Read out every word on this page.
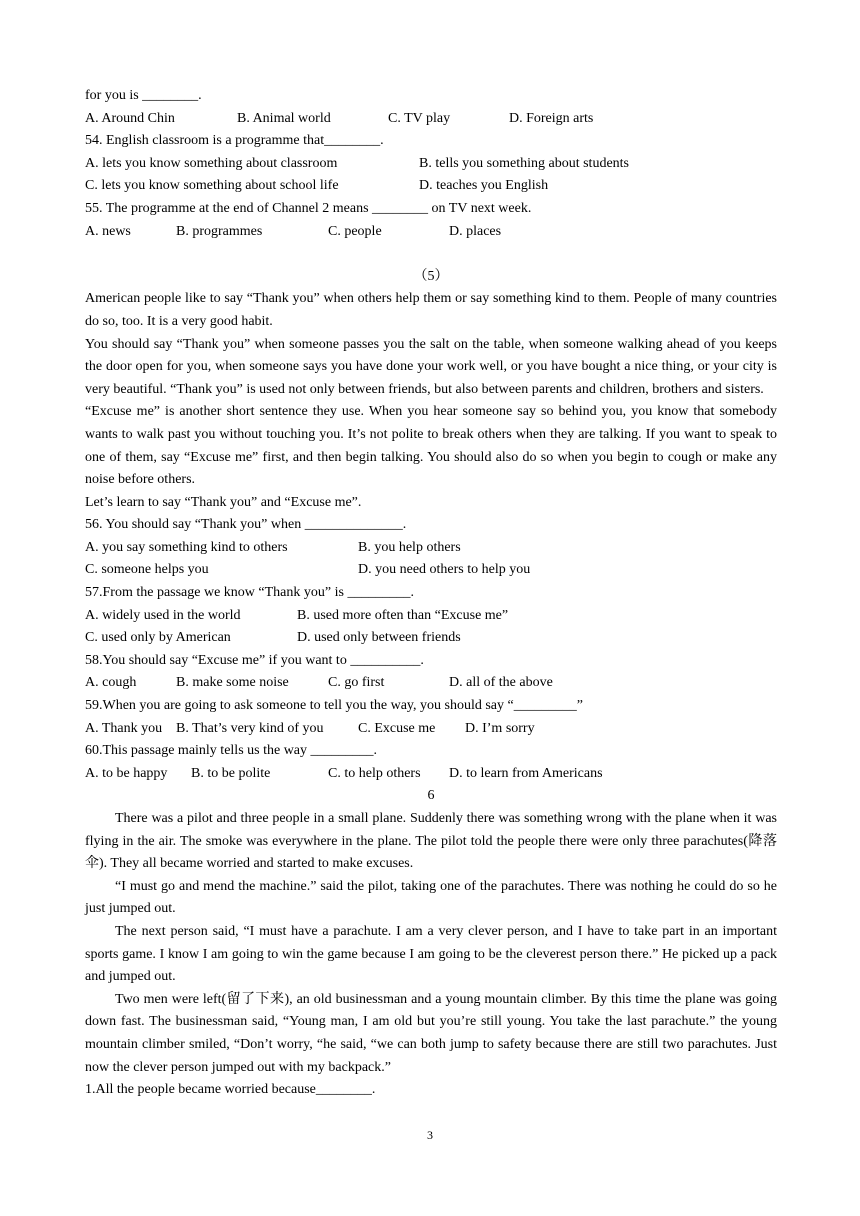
for you is ________.
A. Around Chin	B. Animal world	C. TV play	D. Foreign arts
54. English classroom is a programme that________.
A. lets you know something about classroom	B. tells you something about students
C. lets you know something about school life	D. teaches you English
55. The programme at the end of Channel 2 means ________ on TV next week.
A. news	B. programmes	C. people	D. places
（5）

American people like to say “Thank you” when others help them or say something kind to them. People of many countries do so, too. It is a very good habit.

You should say “Thank you” when someone passes you the salt on the table, when someone walking ahead of you keeps the door open for you, when someone says you have done your work well, or you have bought a nice thing, or your city is very beautiful. “Thank you” is used not only between friends, but also between parents and children, brothers and sisters.

“Excuse me” is another short sentence they use. When you hear someone say so behind you, you know that somebody wants to walk past you without touching you. It’s not polite to break others when they are talking. If you want to speak to one of them, say “Excuse me” first, and then begin talking. You should also do so when you begin to cough or make any noise before others.

Let’s learn to say “Thank you” and “Excuse me”.

56. You should say “Thank you” when ______________.
A. you say something kind to others	B. you help others
C. someone helps you	D. you need others to help you
57.From the passage we know “Thank you” is _________.
A. widely used in the world	B. used more often than “Excuse me”
C. used only by American	D. used only between friends
58.You should say “Excuse me” if you want to __________.
A. cough	B. make some noise	C. go first	D. all of the above
59.When you are going to ask someone to tell you the way, you should say “_________”
A. Thank you B. That’s very kind of you	C. Excuse me	D. I’m sorry
60.This passage mainly tells us the way _________.
A. to be happy	B. to be polite	C. to help others	D. to learn from Americans
6

There was a pilot and three people in a small plane. Suddenly there was something wrong with the plane when it was flying in the air. The smoke was everywhere in the plane. The pilot told the people there were only three parachutes(降落伞). They all became worried and started to make excuses.

“I must go and mend the machine.” said the pilot, taking one of the parachutes. There was nothing he could do so he just jumped out.

The next person said, “I must have a parachute. I am a very clever person, and I have to take part in an important sports game. I know I am going to win the game because I am going to be the cleverest person there.” He picked up a pack and jumped out.

Two men were left(留了下来), an old businessman and a young mountain climber. By this time the plane was going down fast. The businessman said, “Young man, I am old but you’re still young. You take the last parachute.” the young mountain climber smiled, “Don’t worry, “he said, “we can both jump to safety because there are still two parachutes. Just now the clever person jumped out with my backpack.”

1.All the people became worried because________.
3
